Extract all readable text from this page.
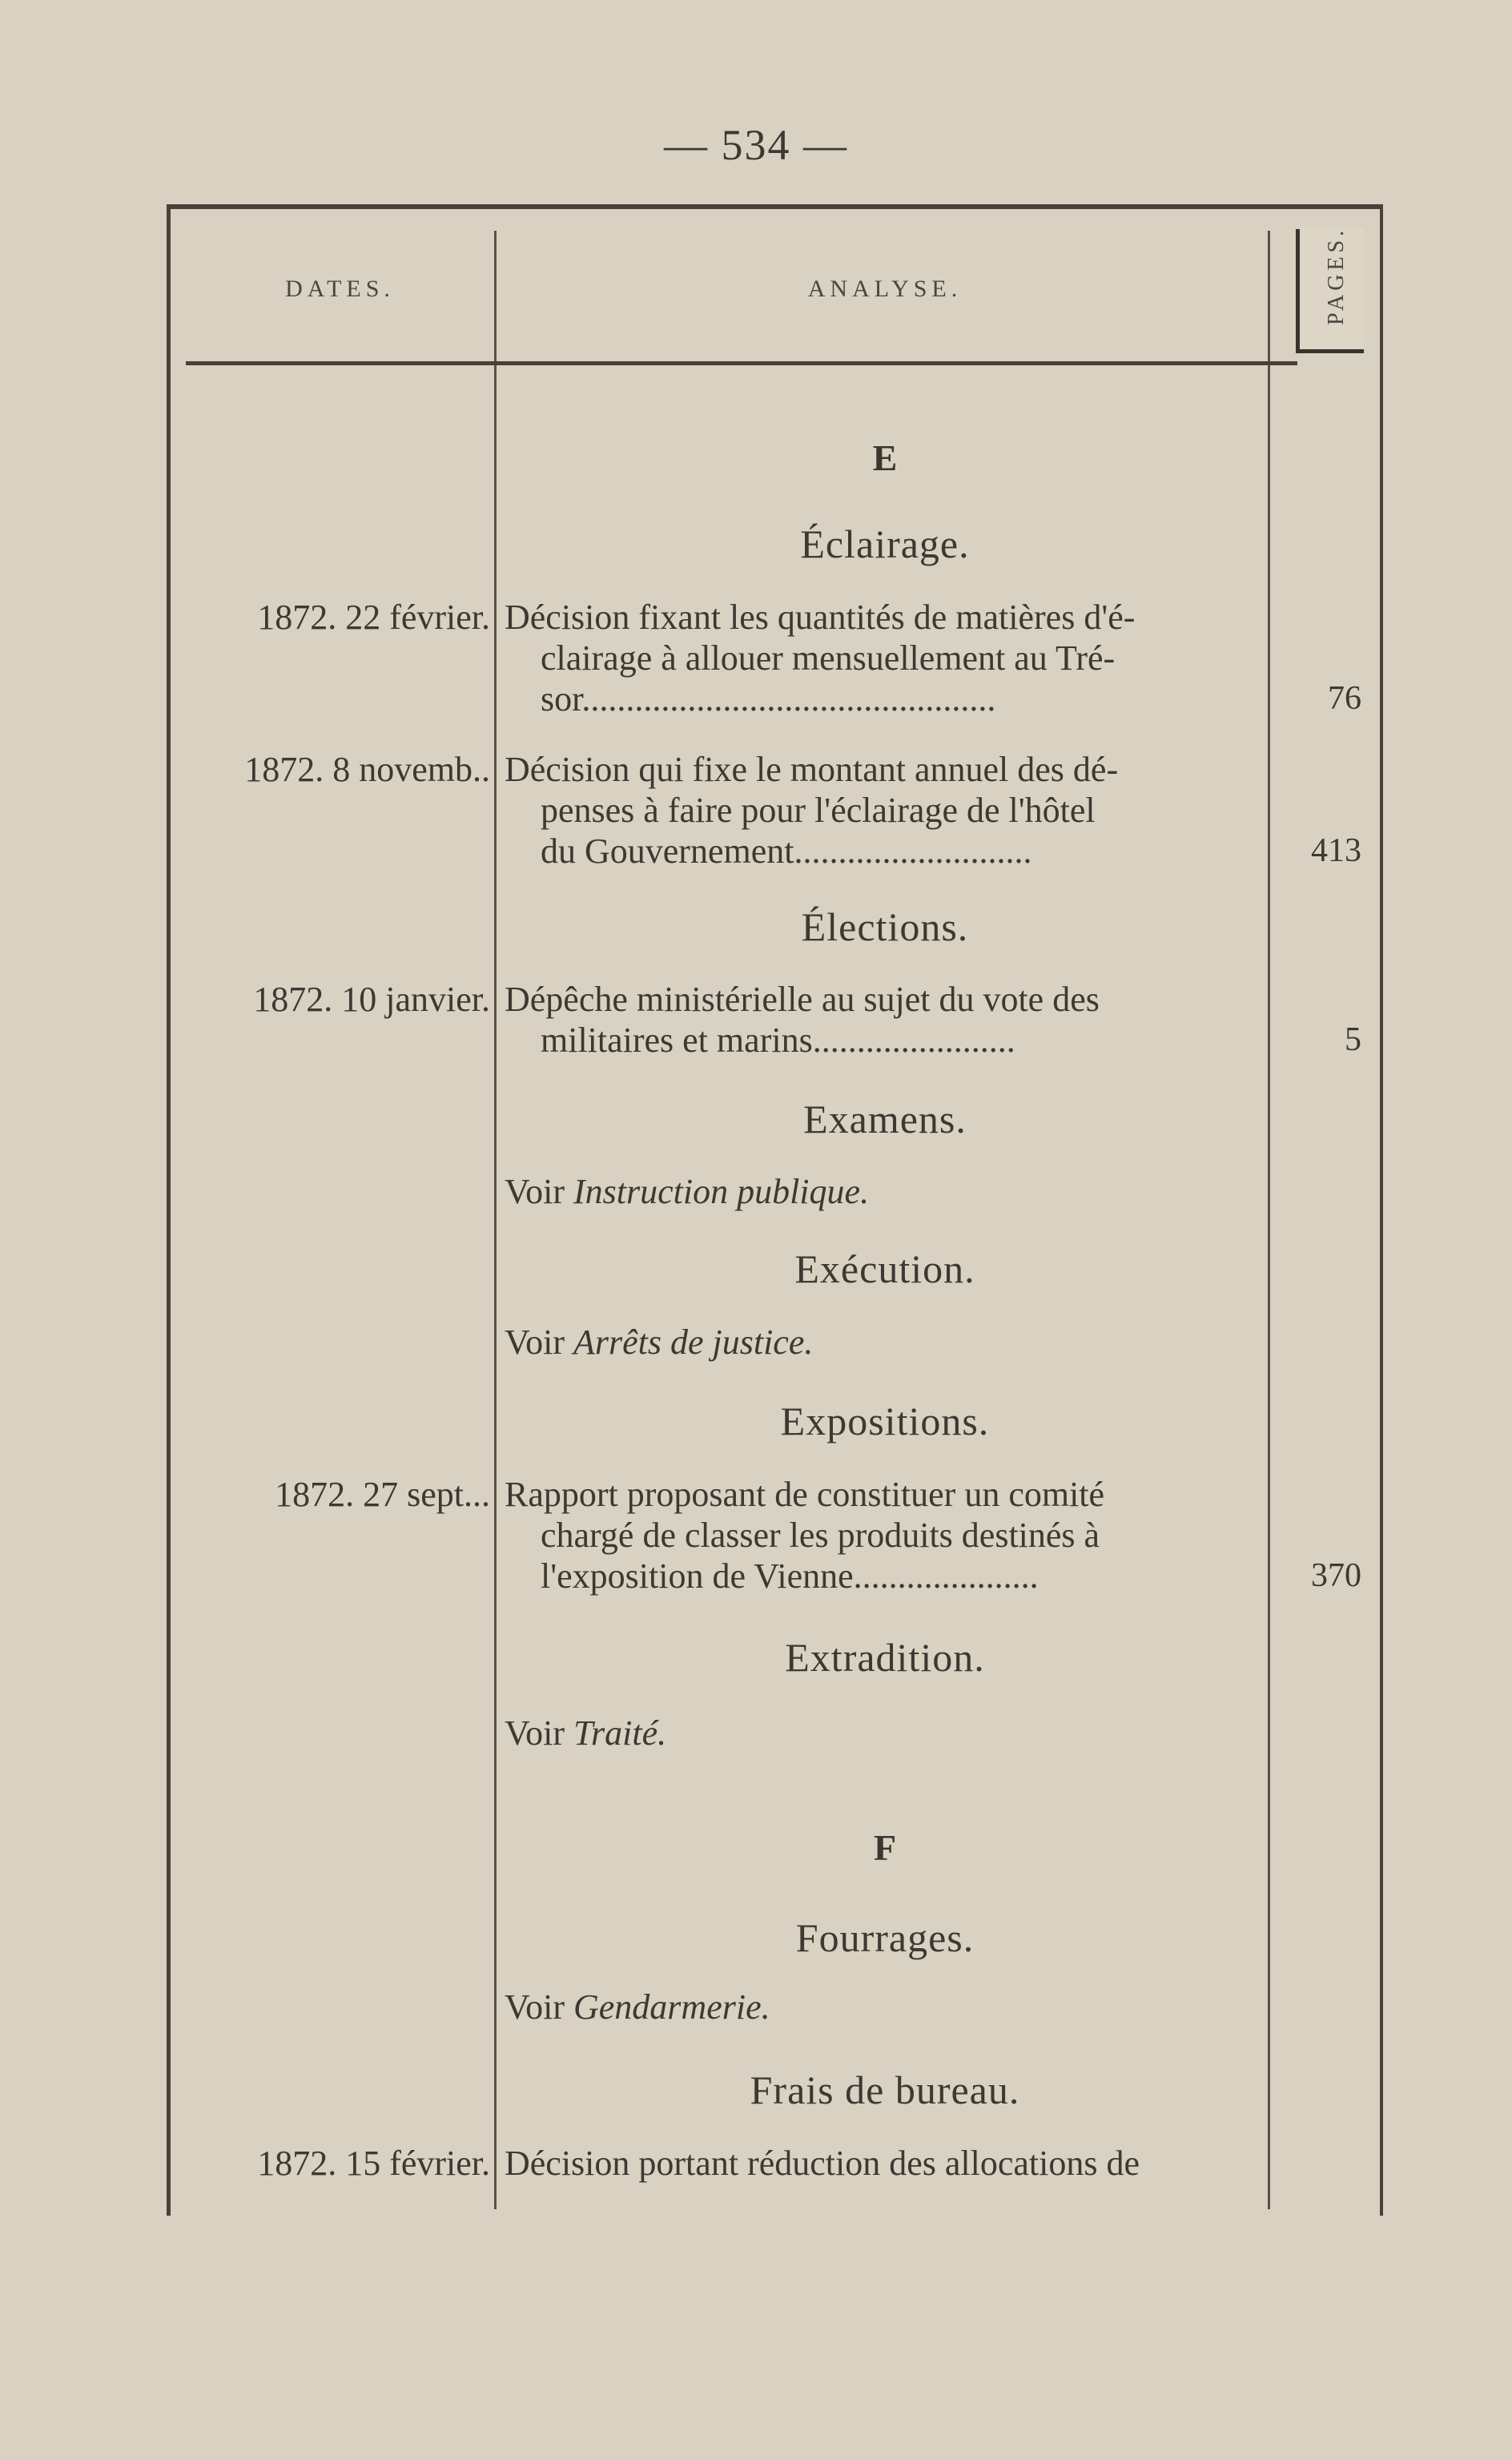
— 534 —
DATES.	ANALYSE.	PAGES.
E
Éclairage.
1872. 22 février. Décision fixant les quantités de matières d'é-
clairage à allouer mensuellement au Tré-
sor...............................................	76
1872. 8 novemb.. Décision qui fixe le montant annuel des dé-
penses à faire pour l'éclairage de l'hôtel
du Gouvernement...........................	413
Élections.
1872. 10 janvier. Dépêche ministérielle au sujet du vote des
militaires et marins.......................	5
Examens.
Voir Instruction publique.
Exécution.
Voir Arrêts de justice.
Expositions.
1872. 27 sept... Rapport proposant de constituer un comité
chargé de classer les produits destinés à
l'exposition de Vienne.....................	370
Extradition.
Voir Traité.
F
Fourrages.
Voir Gendarmerie.
Frais de bureau.
1872. 15 février. Décision portant réduction des allocations de
